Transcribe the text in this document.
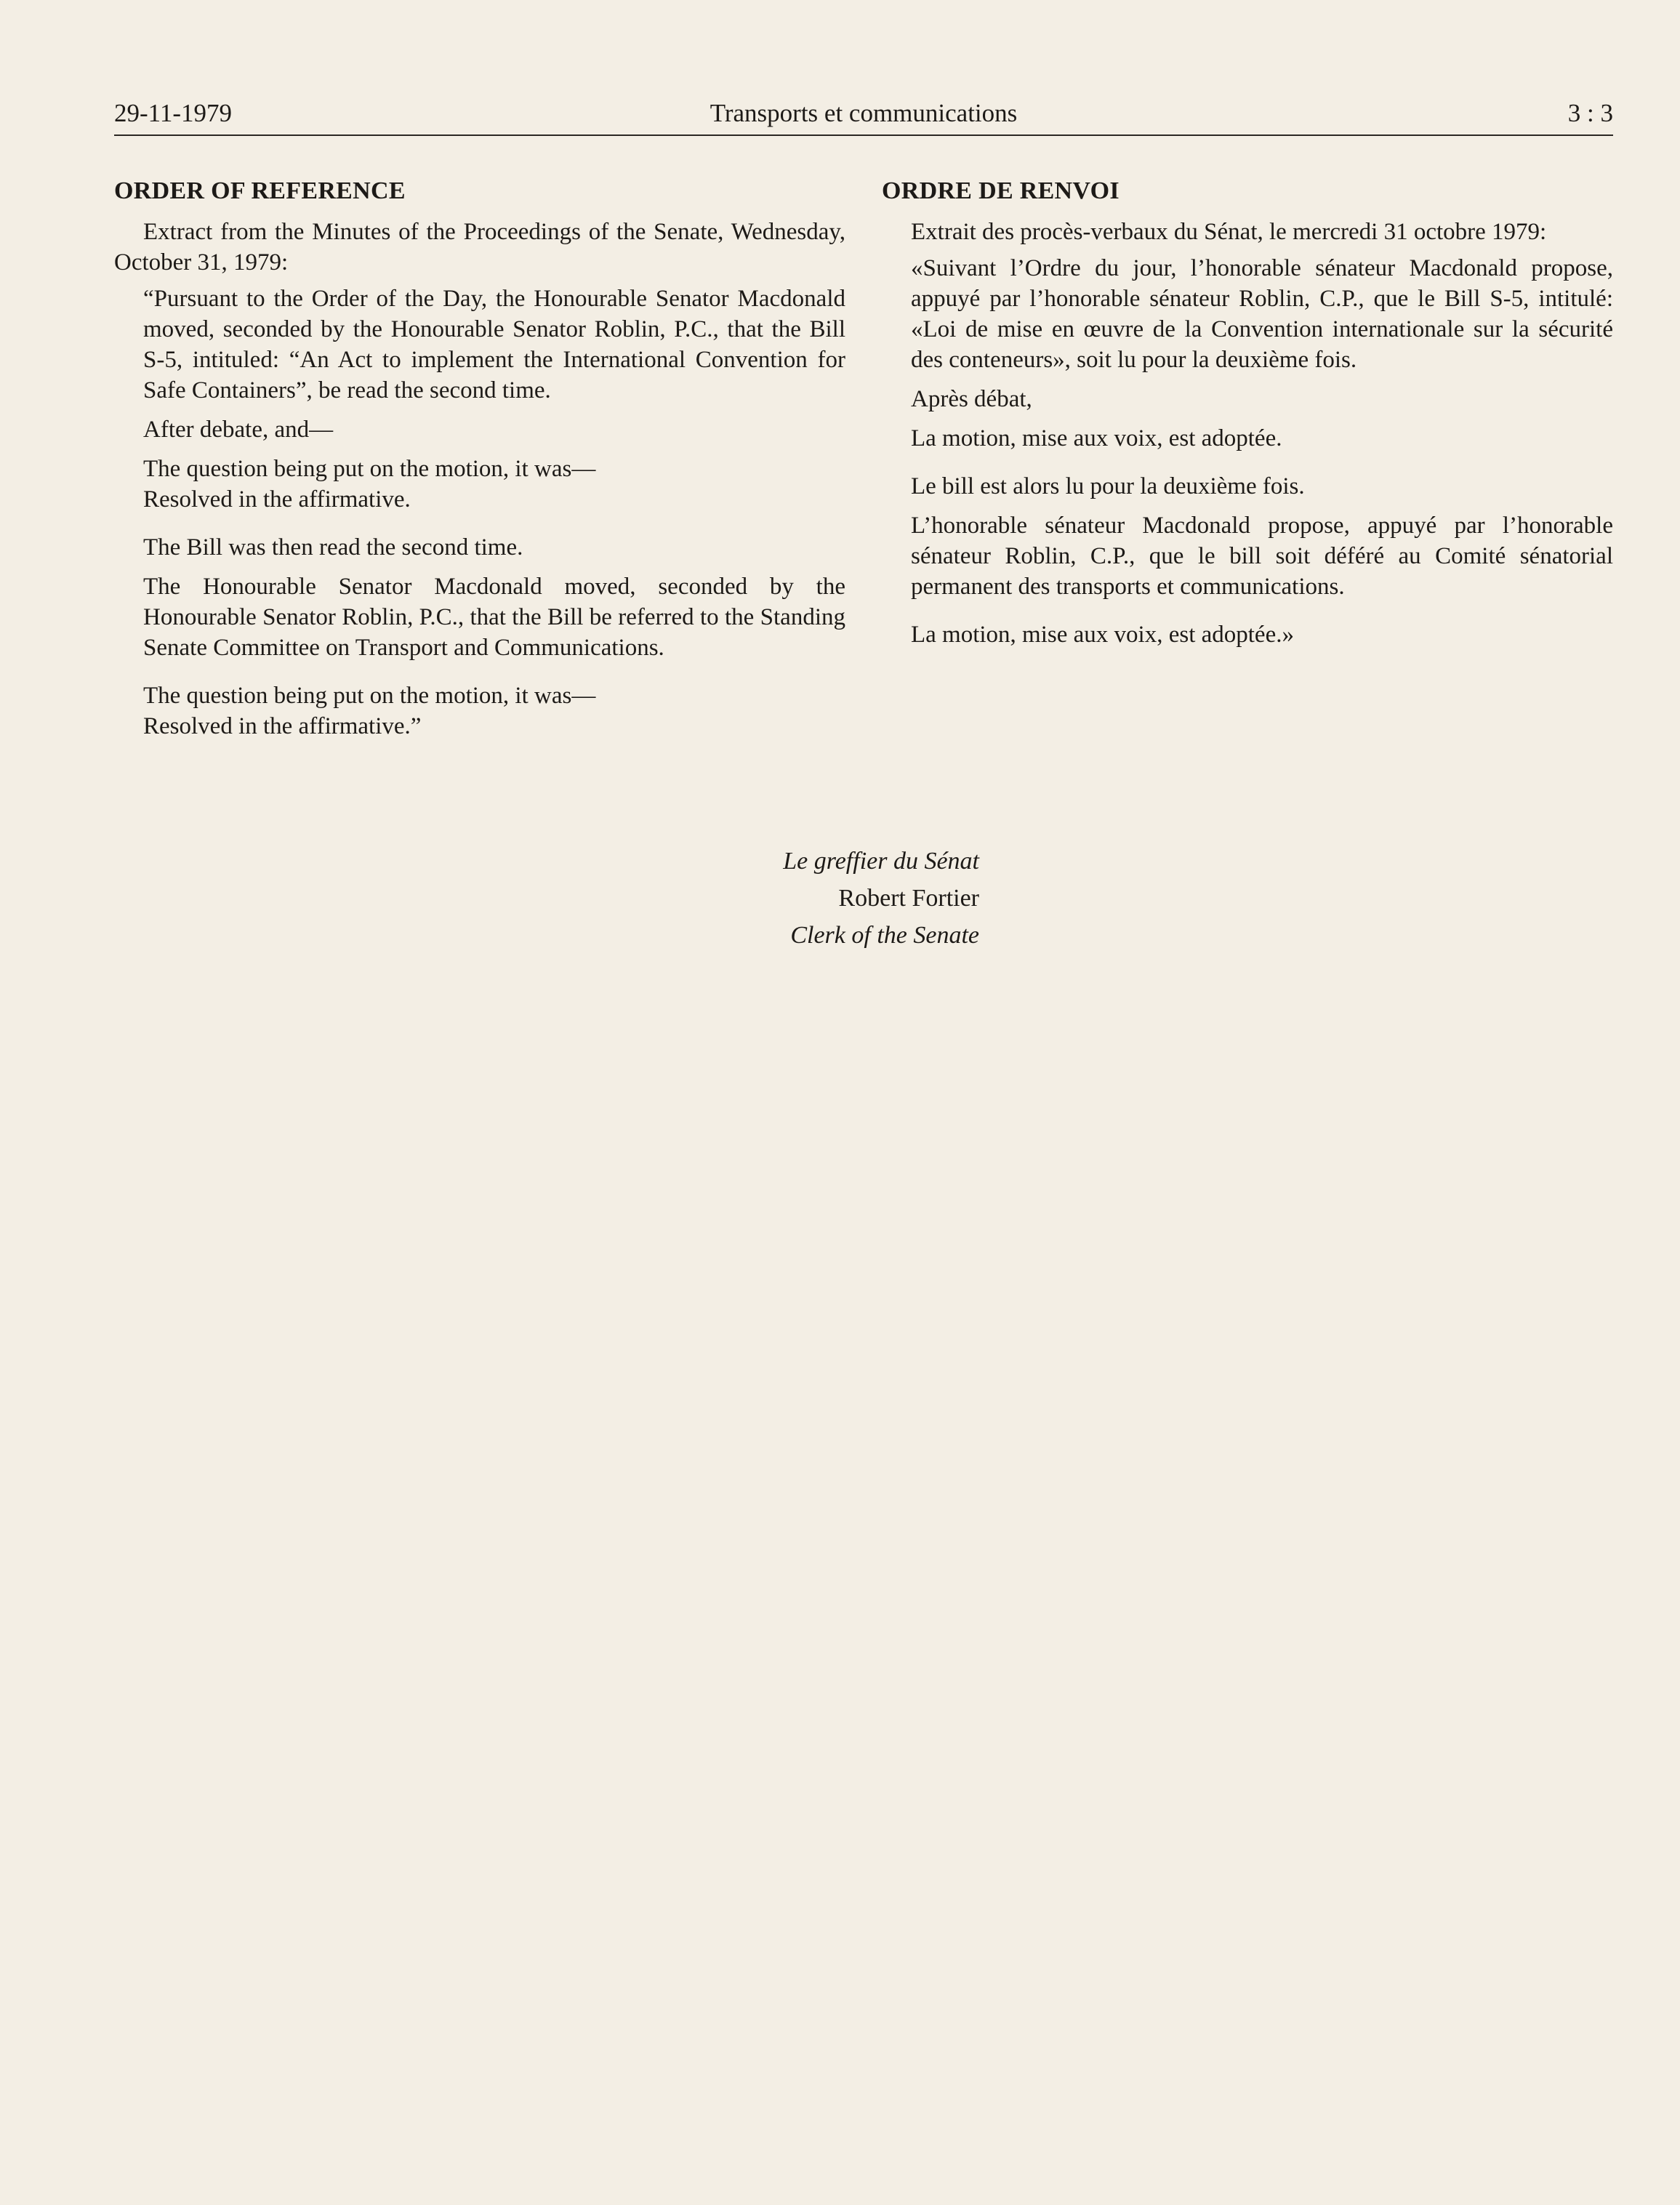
29-11-1979	Transports et communications	3 : 3
ORDER OF REFERENCE

Extract from the Minutes of the Proceedings of the Senate, Wednesday, October 31, 1979:

“Pursuant to the Order of the Day, the Honourable Senator Macdonald moved, seconded by the Honourable Senator Roblin, P.C., that the Bill S-5, intituled: “An Act to implement the International Convention for Safe Containers”, be read the second time.

After debate, and—

The question being put on the motion, it was—

Resolved in the affirmative.

The Bill was then read the second time.

The Honourable Senator Macdonald moved, seconded by the Honourable Senator Roblin, P.C., that the Bill be referred to the Standing Senate Committee on Transport and Communications.

The question being put on the motion, it was—

Resolved in the affirmative.”

ORDRE DE RENVOI

Extrait des procès-verbaux du Sénat, le mercredi 31 octobre 1979:

«Suivant l’Ordre du jour, l’honorable sénateur Macdonald propose, appuyé par l’honorable sénateur Roblin, C.P., que le Bill S-5, intitulé: «Loi de mise en œuvre de la Convention internationale sur la sécurité des conteneurs», soit lu pour la deuxième fois.

Après débat,

La motion, mise aux voix, est adoptée.

Le bill est alors lu pour la deuxième fois.

L’honorable sénateur Macdonald propose, appuyé par l’honorable sénateur Roblin, C.P., que le bill soit déféré au Comité sénatorial permanent des transports et communications.

La motion, mise aux voix, est adoptée.»

Le greffier du Sénat
Robert Fortier
Clerk of the Senate
